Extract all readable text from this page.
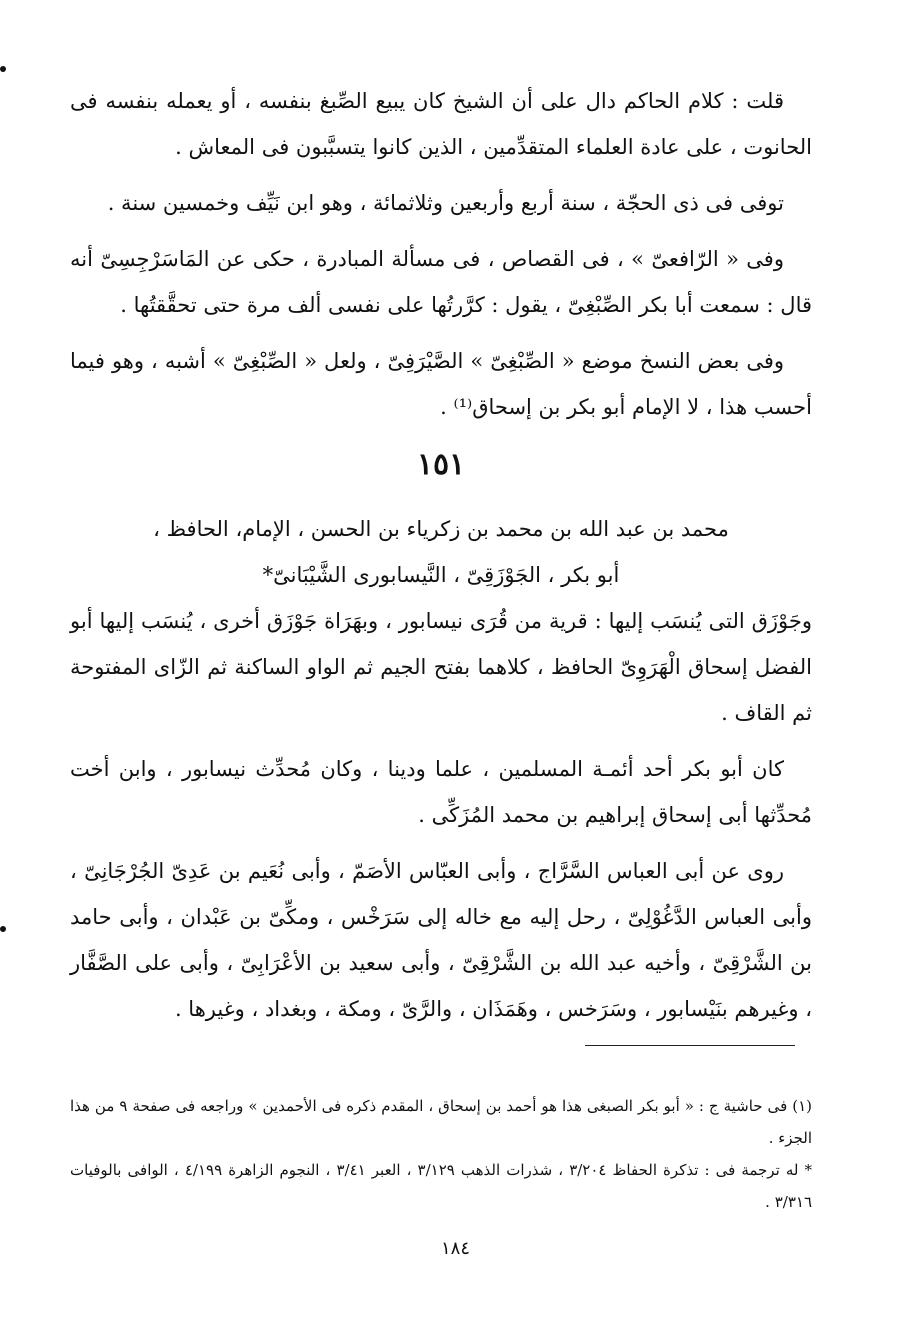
قلت : كلام الحاكم دال على أن الشيخ كان يبيع الصِّبغ بنفسه ، أو يعمله بنفسه فى الحانوت ، على عادة العلماء المتقدِّمين ، الذين كانوا يتسبَّبون فى المعاش .

توفى فى ذى الحجّة ، سنة أربع وأربعين وثلاثمائة ، وهو ابن نَيِّف وخمسين سنة .

وفى « الرّافعىّ » ، فى القصاص ، فى مسألة المبادرة ، حكى عن المَاسَرْجِسِىّ أنه قال : سمعت أبا بكر الصِّبْغِىّ ، يقول : كرَّرتُها على نفسى ألف مرة حتى تحقَّقتُها .

وفى بعض النسخ موضع « الصِّبْغِىّ » الصَّيْرَفِىّ ، ولعل « الصِّبْغِىّ » أشبه ، وهو فيما أحسب هذا ، لا الإمام أبو بكر بن إسحاق⁽¹⁾ .

١٥١

محمد بن عبد الله بن محمد بن زكرياء بن الحسن ، الإمام، الحافظ ،

أبو بكر ، الجَوْزَقِىّ ، النَّيسابورى الشَّيْبَانىّ*

وجَوْزَق التى يُنسَب إليها : قرية من قُرَى نيسابور ، وبهَرَاة جَوْزَق أخرى ، يُنسَب إليها أبو الفضل إسحاق الْهَرَوِىّ الحافظ ، كلاهما بفتح الجيم ثم الواو الساكنة ثم الزّاى المفتوحة ثم القاف .

كان أبو بكر أحد أئمـة المسلمين ، علما ودينا ، وكان مُحدِّث نيسابور ، وابن أخت مُحدِّثها أبى إسحاق إبراهيم بن محمد المُزَكِّى .

روى عن أبى العباس السَّرَّاج ، وأبى العبّاس الأصَمّ ، وأبى نُعَيم بن عَدِىّ الجُرْجَانِىّ ، وأبى العباس الدَّغُوْلِىّ ، رحل إليه مع خاله إلى سَرَخْس ، ومكِّىّ بن عَبْدان ، وأبى حامد بن الشَّرْقِىّ ، وأخيه عبد الله بن الشَّرْقِىّ ، وأبى سعيد بن الأعْرَابِىّ ، وأبى على الصَّفَّار ، وغيرهم بنَيْسابور ، وسَرَخس ، وهَمَذَان ، والرَّىّ ، ومكة ، وبغداد ، وغيرها .

(١) فى حاشية ج : « أبو بكر الصبغى هذا هو أحمد بن إسحاق ، المقدم ذكره فى الأحمدين » وراجعه فى صفحة ٩ من هذا الجزء .

* له ترجمة فى : تذكرة الحفاظ ٣/٢٠٤ ، شذرات الذهب ٣/١٢٩ ، العبر ٣/٤١ ، النجوم الزاهرة ٤/١٩٩ ، الوافى بالوفيات ٣/٣١٦ .

١٨٤
